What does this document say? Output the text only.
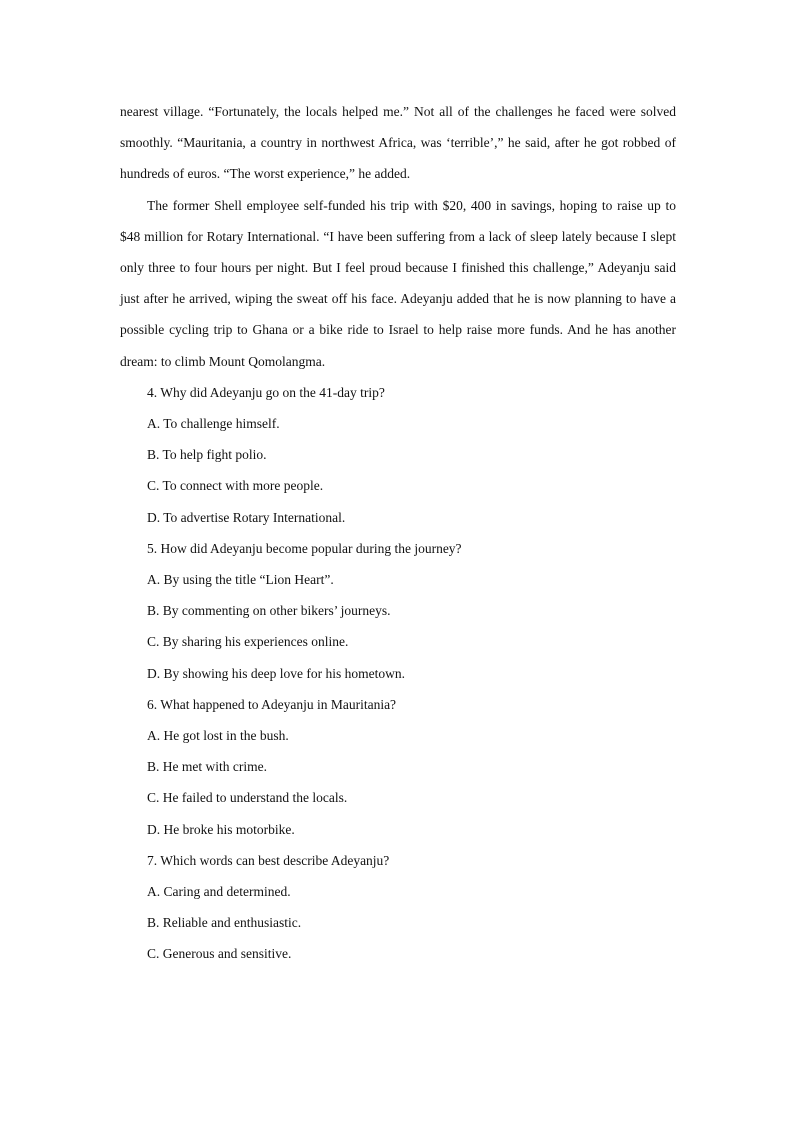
nearest village. “Fortunately, the locals helped me.” Not all of the challenges he faced were solved smoothly. “Mauritania, a country in northwest Africa, was ‘terrible’,” he said, after he got robbed of hundreds of euros. “The worst experience,” he added.

The former Shell employee self-funded his trip with $20, 400 in savings, hoping to raise up to $48 million for Rotary International. “I have been suffering from a lack of sleep lately because I slept only three to four hours per night. But I feel proud because I finished this challenge,” Adeyanju said just after he arrived, wiping the sweat off his face. Adeyanju added that he is now planning to have a possible cycling trip to Ghana or a bike ride to Israel to help raise more funds. And he has another dream: to climb Mount Qomolangma.

4. Why did Adeyanju go on the 41-day trip?
A. To challenge himself.
B. To help fight polio.
C. To connect with more people.
D. To advertise Rotary International.
5. How did Adeyanju become popular during the journey?
A. By using the title “Lion Heart”.
B. By commenting on other bikers’ journeys.
C. By sharing his experiences online.
D. By showing his deep love for his hometown.
6. What happened to Adeyanju in Mauritania?
A. He got lost in the bush.
B. He met with crime.
C. He failed to understand the locals.
D. He broke his motorbike.
7. Which words can best describe Adeyanju?
A. Caring and determined.
B. Reliable and enthusiastic.
C. Generous and sensitive.
